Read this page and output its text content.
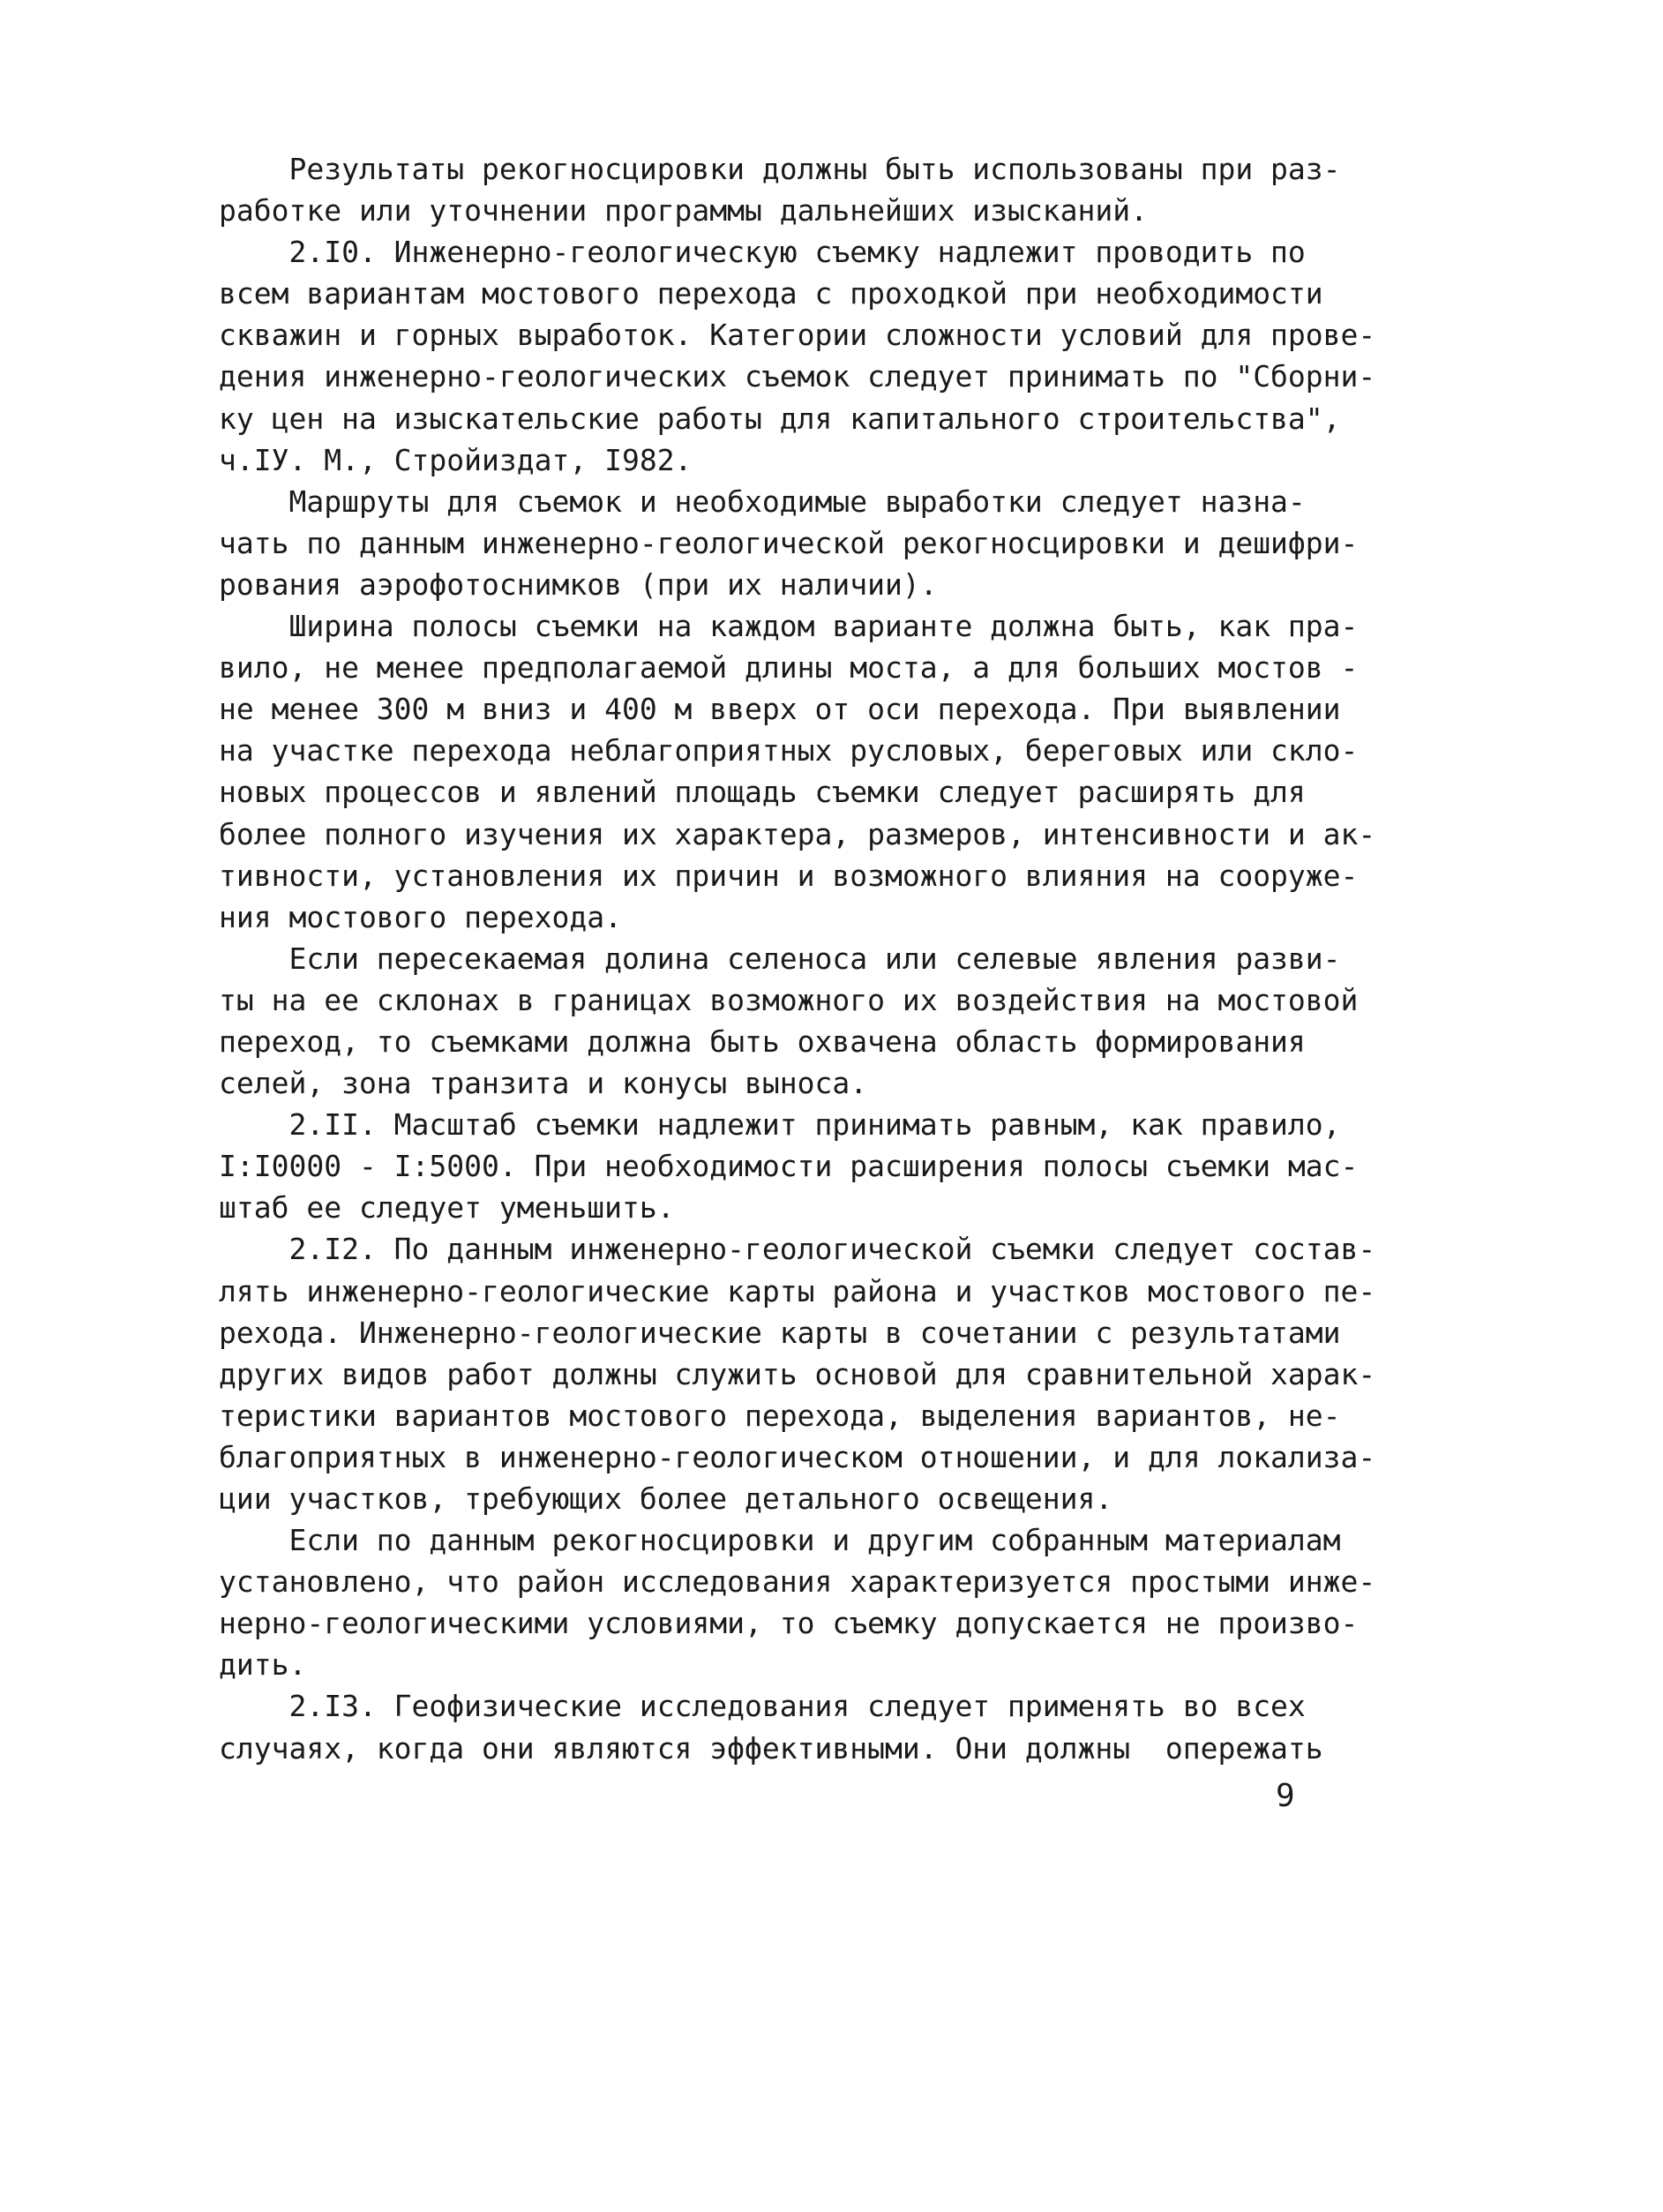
Результаты рекогносцировки должны быть использованы при раз-
работке или уточнении программы дальнейших изысканий.
2.I0. Инженерно-геологическую съемку надлежит проводить по
всем вариантам мостового перехода с проходкой при необходимости
скважин и горных выработок. Категории сложности условий для прове-
дения инженерно-геологических съемок следует принимать по "Сборни-
ку цен на изыскательские работы для капитального строительства",
ч.IУ. М., Стройиздат, I982.
Маршруты для съемок и необходимые выработки следует назна-
чать по данным инженерно-геологической рекогносцировки и дешифри-
рования аэрофотоснимков (при их наличии).
Ширина полосы съемки на каждом варианте должна быть, как пра-
вило, не менее предполагаемой длины моста, а для больших мостов -
не менее 300 м вниз и 400 м вверх от оси перехода. При выявлении
на участке перехода неблагоприятных русловых, береговых или скло-
новых процессов и явлений площадь съемки следует расширять для
более полного изучения их характера, размеров, интенсивности и ак-
тивности, установления их причин и возможного влияния на сооруже-
ния мостового перехода.
Если пересекаемая долина селеноса или селевые явления разви-
ты на ее склонах в границах возможного их воздействия на мостовой
переход, то съемками должна быть охвачена область формирования
селей, зона транзита и конусы выноса.
2.II. Масштаб съемки надлежит принимать равным, как правило,
I:I0000 - I:5000. При необходимости расширения полосы съемки мас-
штаб ее следует уменьшить.
2.I2. По данным инженерно-геологической съемки следует состав-
лять инженерно-геологические карты района и участков мостового пе-
рехода. Инженерно-геологические карты в сочетании с результатами
других видов работ должны служить основой для сравнительной харак-
теристики вариантов мостового перехода, выделения вариантов, не-
благоприятных в инженерно-геологическом отношении, и для локализа-
ции участков, требующих более детального освещения.
Если по данным рекогносцировки и другим собранным материалам
установлено, что район исследования характеризуется простыми инже-
нерно-геологическими условиями, то съемку допускается не произво-
дить.
2.I3. Геофизические исследования следует применять во всех
случаях, когда они являются эффективными. Они должны  опережать
9
